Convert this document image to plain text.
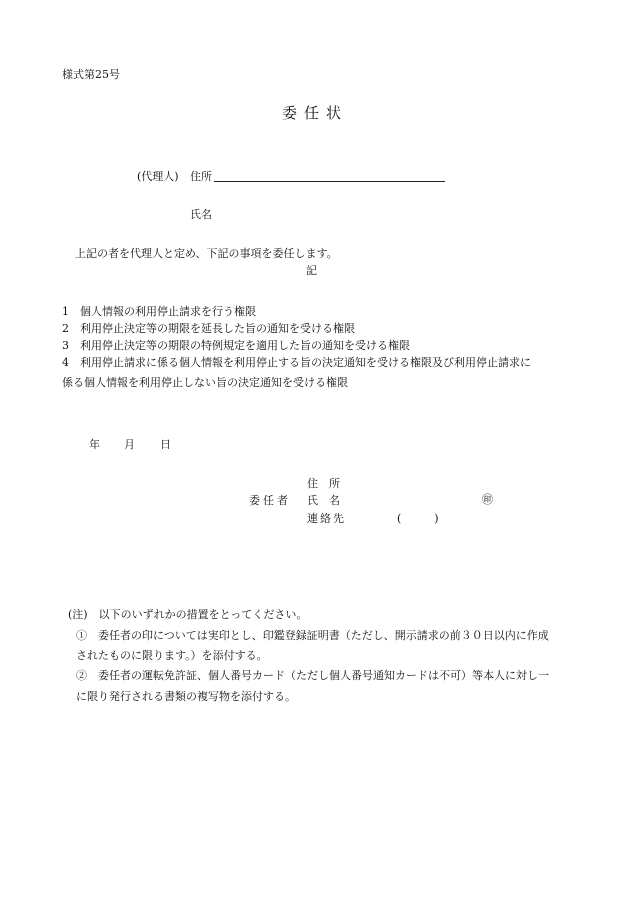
様式第25号
委任状
(代理人) 住所
氏名
上記の者を代理人と定め、下記の事項を委任します。
記
1　個人情報の利用停止請求を行う権限
2　利用停止決定等の期限を延長した旨の通知を受ける権限
3　利用停止決定等の期限の特例規定を適用した旨の通知を受ける権限
4　利用停止請求に係る個人情報を利用停止する旨の決定通知を受ける権限及び利用停止請求に
係る個人情報を利用停止しない旨の決定通知を受ける権限
年 月 日
住　所
委任者 氏　名	㊞
連絡先	(　　　)
(注)　以下のいずれかの措置をとってください。
①　委任者の印については実印とし、印鑑登録証明書（ただし、開示請求の前３０日以内に作成
されたものに限ります。）を添付する。
②　委任者の運転免許証、個人番号カード（ただし個人番号通知カードは不可）等本人に対し一
に限り発行される書類の複写物を添付する。
